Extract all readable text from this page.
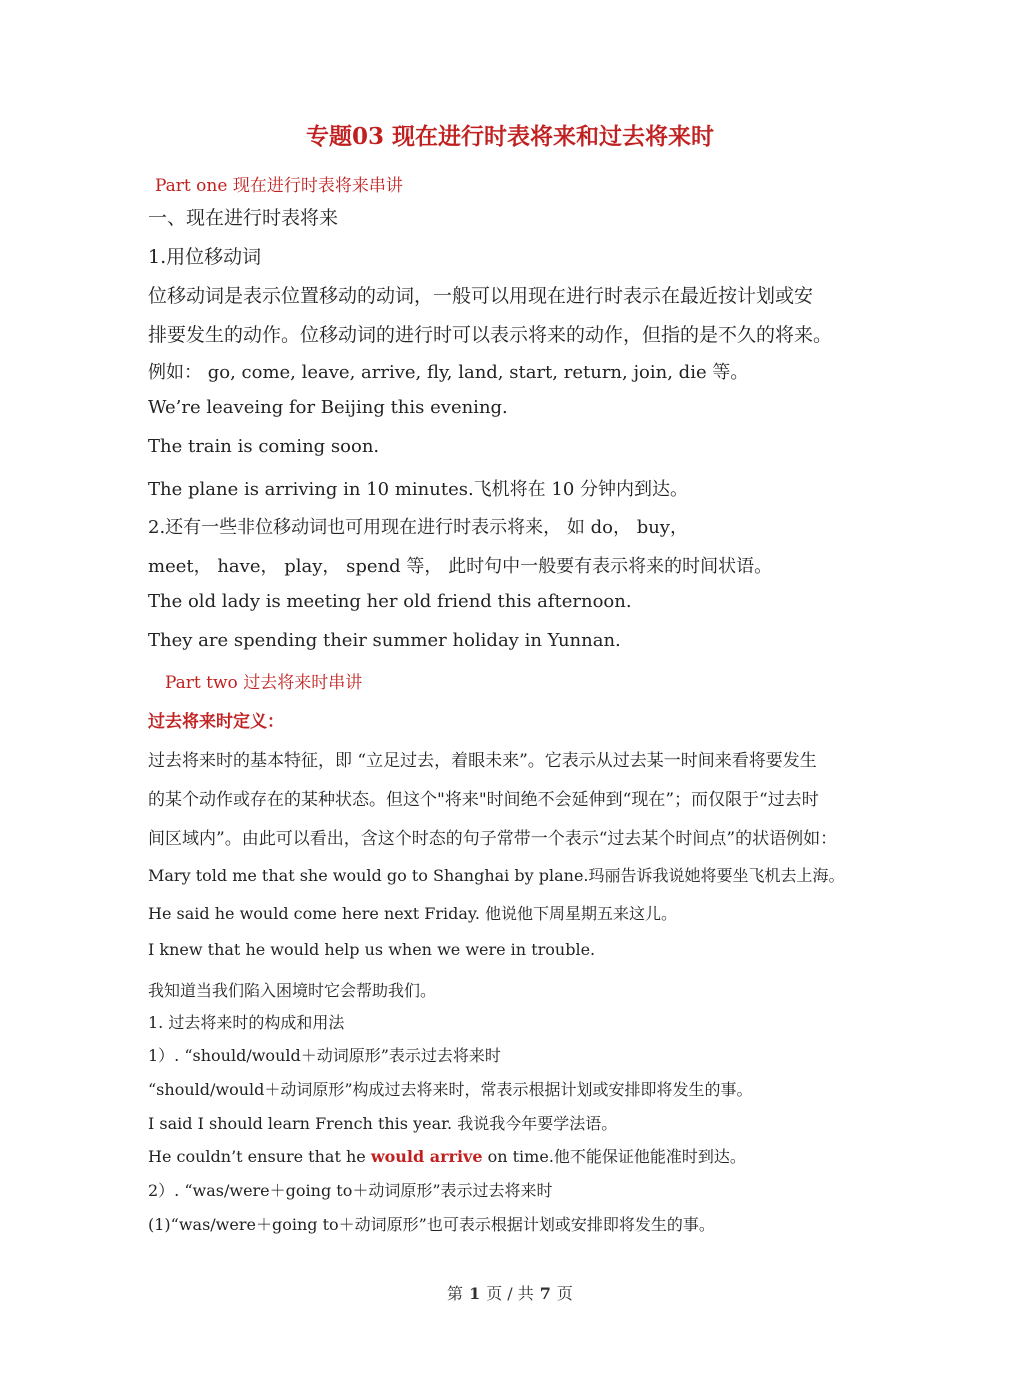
专题03 现在进行时表将来和过去将来时

Part one 现在进行时表将来串讲

一、现在进行时表将来

1.用位移动词

位移动词是表示位置移动的动词，一般可以用现在进行时表示在最近按计划或安

排要发生的动作。位移动词的进行时可以表示将来的动作，但指的是不久的将来。

例如： go, come, leave, arrive, fly, land, start, return, join, die 等。

We’re leaveing for Beijing this evening.

The train is coming soon.

The plane is arriving in 10 minutes.飞机将在 10 分钟内到达。

2.还有一些非位移动词也可用现在进行时表示将来， 如 do， buy，

meet， have， play， spend 等， 此时句中一般要有表示将来的时间状语。

The old lady is meeting her old friend this afternoon.

They are spending their summer holiday in Yunnan.

Part two 过去将来时串讲

过去将来时定义：

过去将来时的基本特征，即 “立足过去，着眼未来”。它表示从过去某一时间来看将要发生

的某个动作或存在的某种状态。但这个"将来"时间绝不会延伸到“现在”；而仅限于“过去时

间区域内”。由此可以看出，含这个时态的句子常带一个表示“过去某个时间点”的状语例如：

Mary told me that she would go to Shanghai by plane.玛丽告诉我说她将要坐飞机去上海。

He said he would come here next Friday. 他说他下周星期五来这儿。

I knew that he would help us when we were in trouble.

我知道当我们陷入困境时它会帮助我们。

1. 过去将来时的构成和用法

1）. “should/would＋动词原形”表示过去将来时

“should/would＋动词原形”构成过去将来时，常表示根据计划或安排即将发生的事。

I said I should learn French this year. 我说我今年要学法语。

He couldn’t ensure that he would arrive on time.他不能保证他能准时到达。

2）. “was/were＋going to＋动词原形”表示过去将来时

(1)“was/were＋going to＋动词原形”也可表示根据计划或安排即将发生的事。

第 1 页 / 共 7 页
